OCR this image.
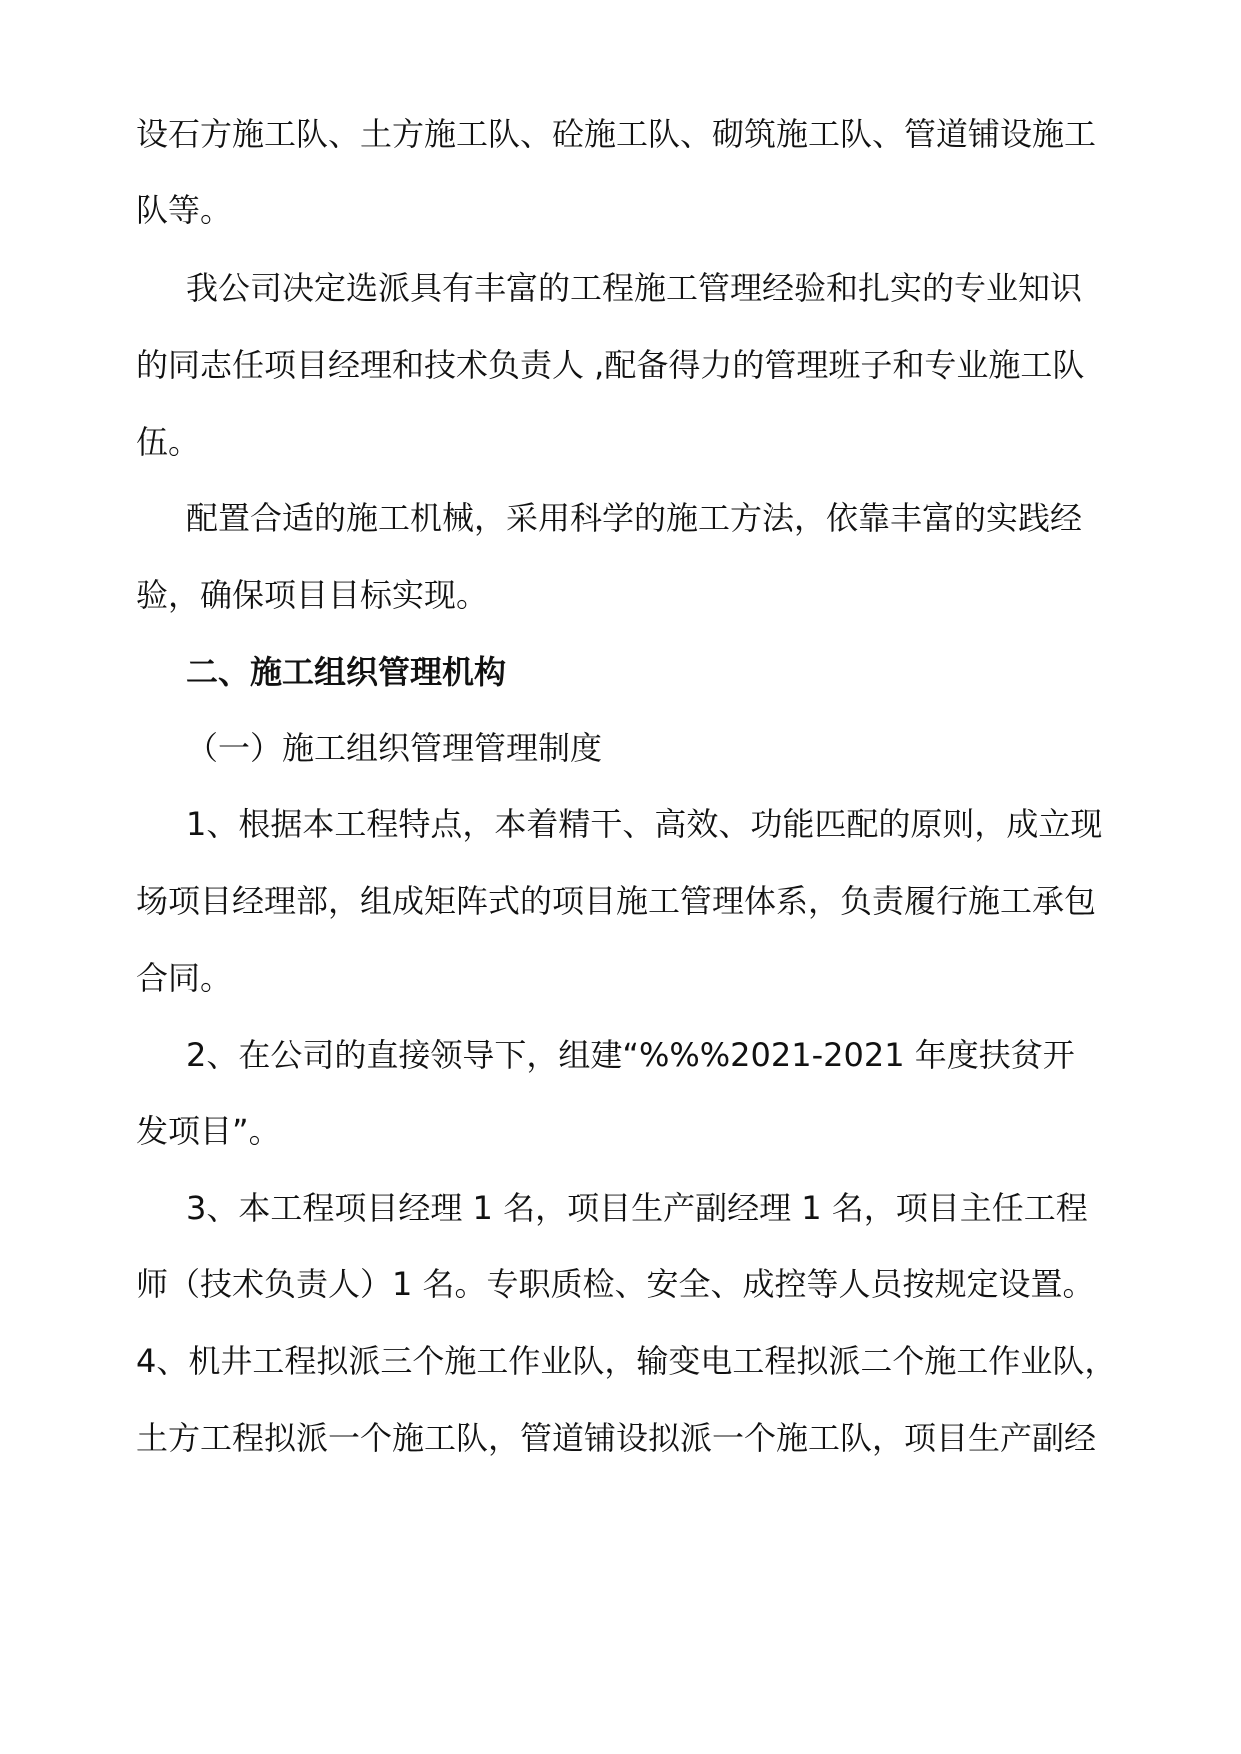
设石方施工队、土方施工队、砼施工队、砌筑施工队、管道铺设施工
队等。
我公司决定选派具有丰富的工程施工管理经验和扎实的专业知识
的同志任项目经理和技术负责人 ,配备得力的管理班子和专业施工队
伍。
配置合适的施工机械，采用科学的施工方法，依靠丰富的实践经
验，确保项目目标实现。
二、施工组织管理机构
（一）施工组织管理管理制度
1、根据本工程特点，本着精干、高效、功能匹配的原则，成立现
场项目经理部，组成矩阵式的项目施工管理体系，负责履行施工承包
合同。
2、在公司的直接领导下，组建“%%%2021-2021 年度扶贫开
发项目”。
3、本工程项目经理 1 名，项目生产副经理 1 名，项目主任工程
师（技术负责人）1 名。专职质检、安全、成控等人员按规定设置。
4、机井工程拟派三个施工作业队，输变电工程拟派二个施工作业队，
土方工程拟派一个施工队，管道铺设拟派一个施工队，项目生产副经
